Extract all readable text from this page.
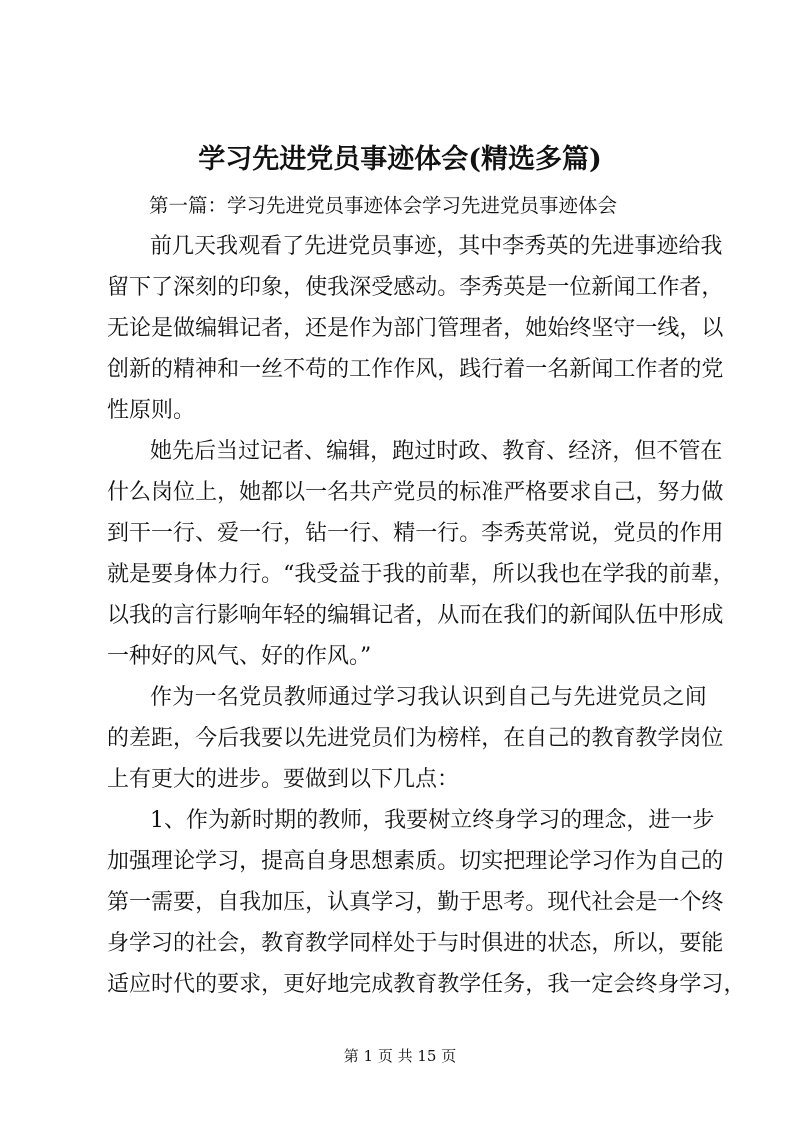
学习先进党员事迹体会(精选多篇)
第一篇：学习先进党员事迹体会学习先进党员事迹体会
前 几 天 我 观 看 了 先 进 党 员 事 迹 ， 其 中 李 秀 英 的 先 进 事 迹 给 我
留 下 了 深 刻 的 印 象 ， 使 我 深 受 感 动 。 李 秀 英 是 一 位 新 闻 工 作 者 ，
无 论 是 做 编 辑 记 者 ， 还 是 作 为 部 门 管 理 者 ， 她 始 终 坚 守 一 线 ， 以
创 新 的 精 神 和 一 丝 不 苟 的 工 作 作 风 ， 践 行 着 一 名 新 闻 工 作 者 的 党
性原则。
她 先 后 当 过 记 者 、 编 辑 ， 跑 过 时 政 、 教 育 、 经 济 ， 但 不 管 在
什 么 岗 位 上 ， 她 都 以 一 名 共 产 党 员 的 标 准 严 格 要 求 自 己 ， 努 力 做
到 干 一 行 、 爱 一 行 ， 钻 一 行 、 精 一 行 。 李 秀 英 常 说 ， 党 员 的 作 用
就 是 要 身 体 力 行 。 “ 我 受 益 于 我 的 前 辈 ， 所 以 我 也 在 学 我 的 前 辈 ，
以 我 的 言 行 影 响 年 轻 的 编 辑 记 者 ， 从 而 在 我 们 的 新 闻 队 伍 中 形 成
一种好的风气、好的作风。”
作 为 一 名 党 员 教 师 通 过 学 习 我 认 识 到 自 己 与 先 进 党 员 之 间
的 差 距 ， 今 后 我 要 以 先 进 党 员 们 为 榜 样 ， 在 自 己 的 教 育 教 学 岗 位
上有更大的进步。要做到以下几点：
1 、 作 为 新 时 期 的 教 师 ， 我 要 树 立 终 身 学 习 的 理 念 ， 进 一 步
加 强 理 论 学 习 ， 提 高 自 身 思 想 素 质 。 切 实 把 理 论 学 习 作 为 自 己 的
第 一 需 要 ， 自 我 加 压 ， 认 真 学 习 ， 勤 于 思 考 。 现 代 社 会 是 一 个 终
身 学 习 的 社 会 ， 教 育 教 学 同 样 处 于 与 时 俱 进 的 状 态 ， 所 以 ， 要 能
适 应 时 代 的 要 求 ， 更 好 地 完 成 教 育 教 学 任 务 ， 我 一 定 会 终 身 学 习 ，
第 1 页 共 15 页
